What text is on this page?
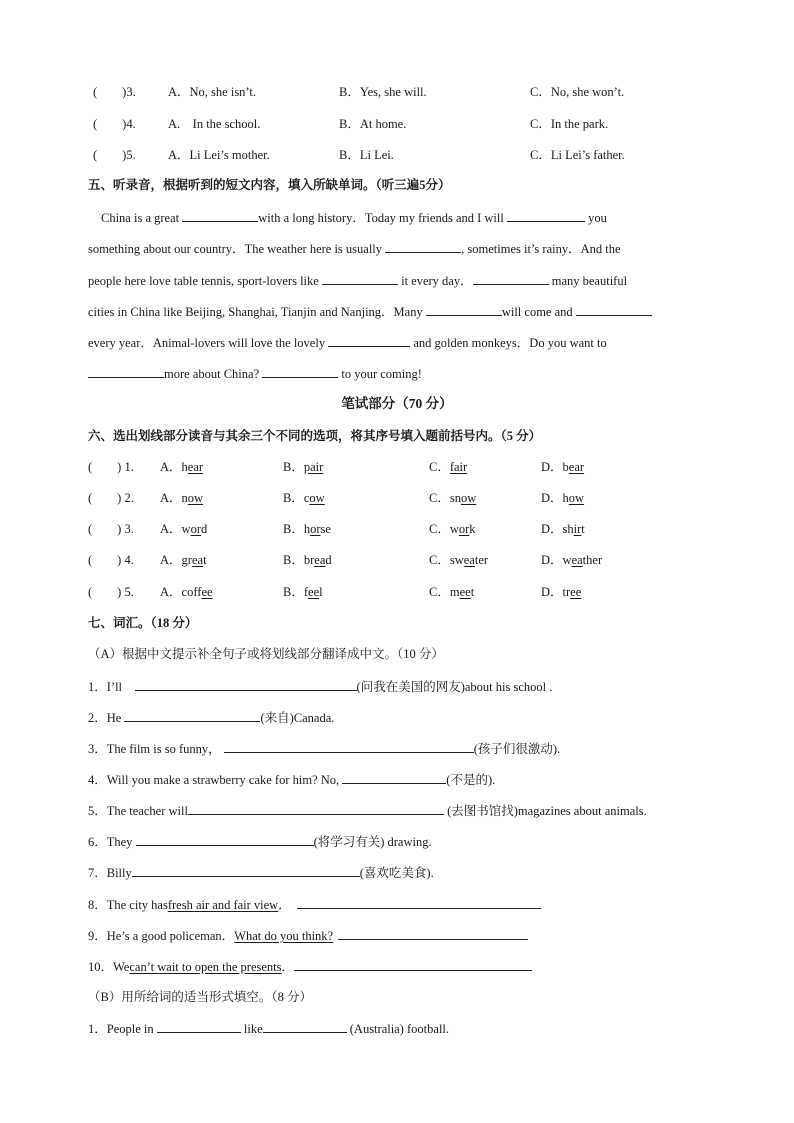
(　　)3.	A．No, she isn’t.	B．Yes, she will.	C．No, she won’t.
(　　)4.	A.　In the school.	B．At home.	C．In the park.
(　　)5.	A．Li Lei’s mother.	B．Li Lei.	C．Li Lei’s father.
五、听录音，根据听到的短文内容，填入所缺单词。（听三遍5分）
China is a great	with a long history．Today my friends and I will	you
something about our country．The weather here is usually	, sometimes it’s rainy．And the
people here love table tennis, sport-lovers like	it every day．	many beautiful
cities in China like Beijing, Shanghai, Tianjin and Nanjing．Many	will come and
every year．Animal-lovers will love the lovely	and golden monkeys．Do you want to
more about China?	to your coming!
笔试部分（70 分）
六、选出划线部分读音与其余三个不同的选项，将其序号填入题前括号内。（5 分）
(　　) 1. A．hear	B．pair	C．fair	D．bear
(　　) 2. A．now	B．cow	C．snow	D．how
(　　) 3. A．word	B．horse	C．work	D．shirt
(　　) 4. A．great	B．bread	C．sweater	D．weather
(　　) 5. A．coffee	B．feel	C．meet	D．tree
七、词汇。（18 分）
（A）根据中文提示补全句子或将划线部分翻译成中文。（10 分）
1．I’ll　	(问我在美国的网友)about his school .
2．He	(来自)Canada.
3．The film is so funny，	(孩子们很激动).
4．Will you make a strawberry cake for him? No,	(不是的).
5．The teacher will	(去图书馆找)magazines about animals.
6．They	(将学习有关) drawing.
7．Billy	(喜欢吃美食).
8．The city hasfresh air and fair view．
9．He’s a good policeman．What do you think?
10．Wecan’t wait to open the presents．
（B）用所给词的适当形式填空。（8 分）
1．People in	like	(Australia) football.
